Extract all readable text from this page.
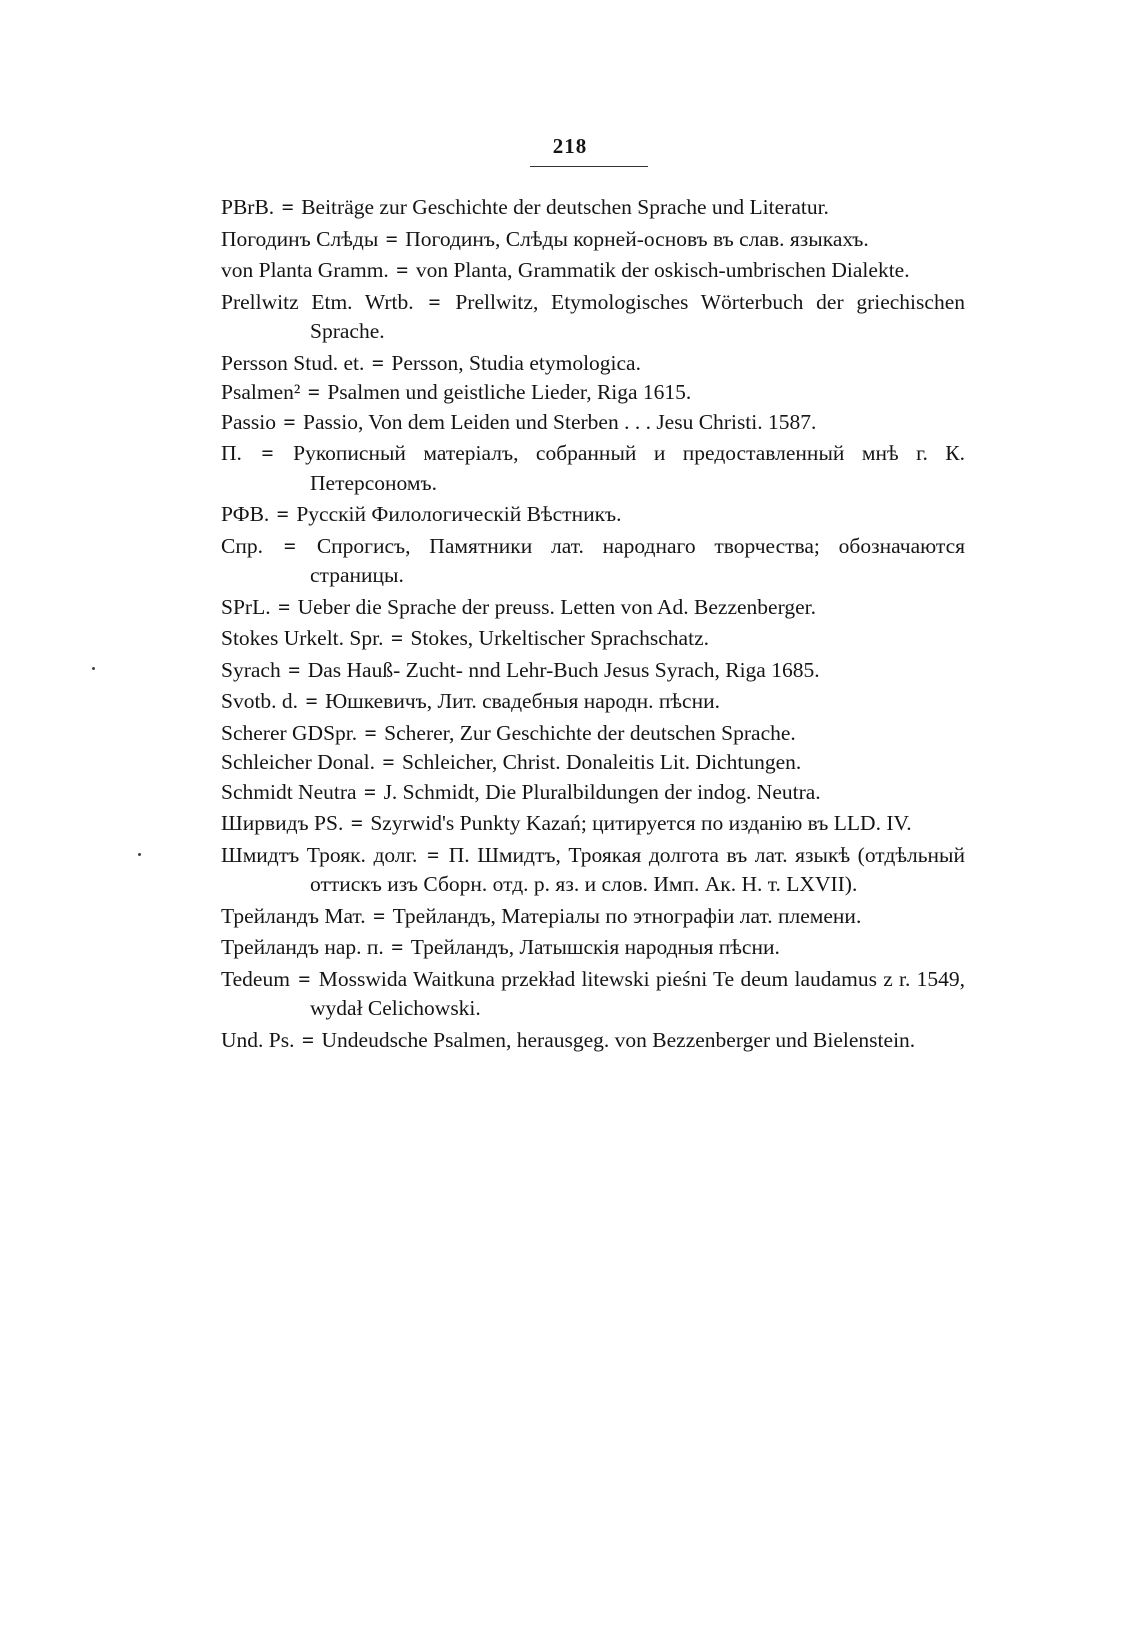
218
PBrB. = Beiträge zur Geschichte der deutschen Sprache und Literatur.
Погодинъ Слѣды = Погодинъ, Слѣды корней-основъ въ слав. языкахъ.
von Planta Gramm. = von Planta, Grammatik der oskisch-umbrischen Dialekte.
Prellwitz Etm. Wrtb. = Prellwitz, Etymologisches Wörterbuch der griechischen Sprache.
Persson Stud. et. = Persson, Studia etymologica.
Psalmen² = Psalmen und geistliche Lieder, Riga 1615.
Passio = Passio, Von dem Leiden und Sterben . . . Jesu Christi. 1587.
П. = Рукописный матеріалъ, собранный и предоставленный мнѣ г. К. Петерсономъ.
РФВ. = Русскій Филологическій Вѣстникъ.
Спр. = Спрогисъ, Памятники лат. народнаго творчества; обозначаются страницы.
SPrL. = Ueber die Sprache der preuss. Letten von Ad. Bezzenberger.
Stokes Urkelt. Spr. = Stokes, Urkeltischer Sprachschatz.
Syrach = Das Hauß- Zucht- nnd Lehr-Buch Jesus Syrach, Riga 1685.
Svotb. d. = Юшкевичъ, Лит. свадебныя народн. пѣсни.
Scherer GDSpr. = Scherer, Zur Geschichte der deutschen Sprache.
Schleicher Donal. = Schleicher, Christ. Donaleitis Lit. Dichtungen.
Schmidt Neutra = J. Schmidt, Die Pluralbildungen der indog. Neutra.
Ширвидъ PS. = Szyrwid's Punkty Kazań; цитируется по изданію въ LLD. IV.
Шмидтъ Трояк. долг. = П. Шмидтъ, Троякая долгота въ лат. языкѣ (отдѣльный оттискъ изъ Сборн. отд. р. яз. и слов. Имп. Ак. Н. т. LXVII).
Трейландъ Мат. = Трейландъ, Матеріалы по этнографіи лат. племени.
Трейландъ нар. п. = Трейландъ, Латышскія народныя пѣсни.
Tedeum = Mosswida Waitkuna przekład litewski pieśni Te deum laudamus z r. 1549, wydał Celichowski.
Und. Ps. = Undeudsche Psalmen, herausgeg. von Bezzenberger und Bielenstein.
